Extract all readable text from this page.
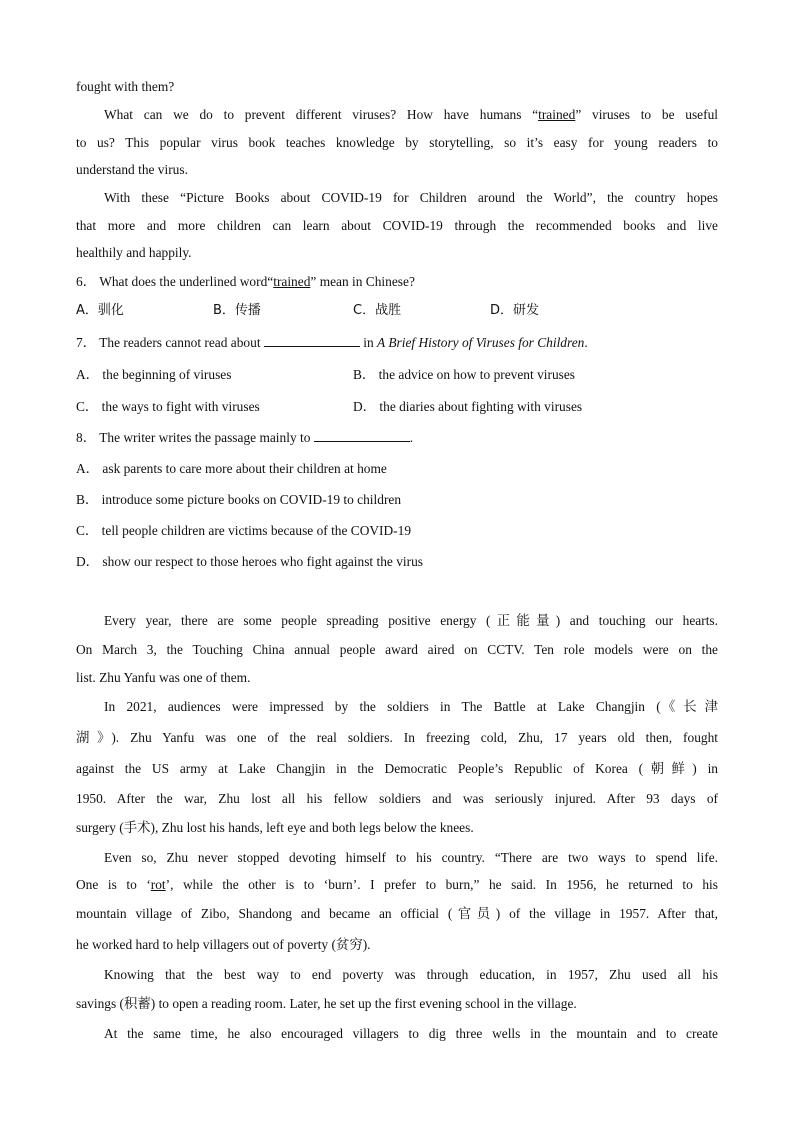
fought with them?
What can we do to prevent different viruses? How have humans “trained” viruses to be useful
to us? This popular virus book teaches knowledge by storytelling, so it’s easy for young readers to
understand the virus.
With these “Picture Books about COVID-19 for Children around the World”, the country hopes
that more and more children can learn about COVID-19 through the recommended books and live
healthily and happily.
6． What does the underlined word“trained” mean in Chinese?
A．驯化	B．传播	C．战胜	D．研发
7． The readers cannot read about	in A Brief History of Viruses for Children.
A． the beginning of viruses	B． the advice on how to prevent viruses
C． the ways to fight with viruses	D． the diaries about fighting with viruses
8． The writer writes the passage mainly to	.
A． ask parents to care more about their children at home
B． introduce some picture books on COVID-19 to children
C． tell people children are victims because of the COVID-19
D． show our respect to those heroes who fight against the virus
Every year, there are some people spreading positive energy (正能量) and touching our hearts.
On March 3, the Touching China annual people award aired on CCTV. Ten role models were on the
list. Zhu Yanfu was one of them.
In 2021, audiences were impressed by the soldiers in The Battle at Lake Changjin (《长津
湖》). Zhu Yanfu was one of the real soldiers. In freezing cold, Zhu, 17 years old then, fought
against the US army at Lake Changjin in the Democratic People’s Republic of Korea (朝鲜) in
1950. After the war, Zhu lost all his fellow soldiers and was seriously injured. After 93 days of
surgery (手术), Zhu lost his hands, left eye and both legs below the knees.
Even so, Zhu never stopped devoting himself to his country. “There are two ways to spend life.
One is to ‘rot’, while the other is to ‘burn’. I prefer to burn,” he said. In 1956, he returned to his
mountain village of Zibo, Shandong and became an official (官员) of the village in 1957. After that,
he worked hard to help villagers out of poverty (贫穷).
Knowing that the best way to end poverty was through education, in 1957, Zhu used all his
savings (积蓄) to open a reading room. Later, he set up the first evening school in the village.
At the same time, he also encouraged villagers to dig three wells in the mountain and to create
